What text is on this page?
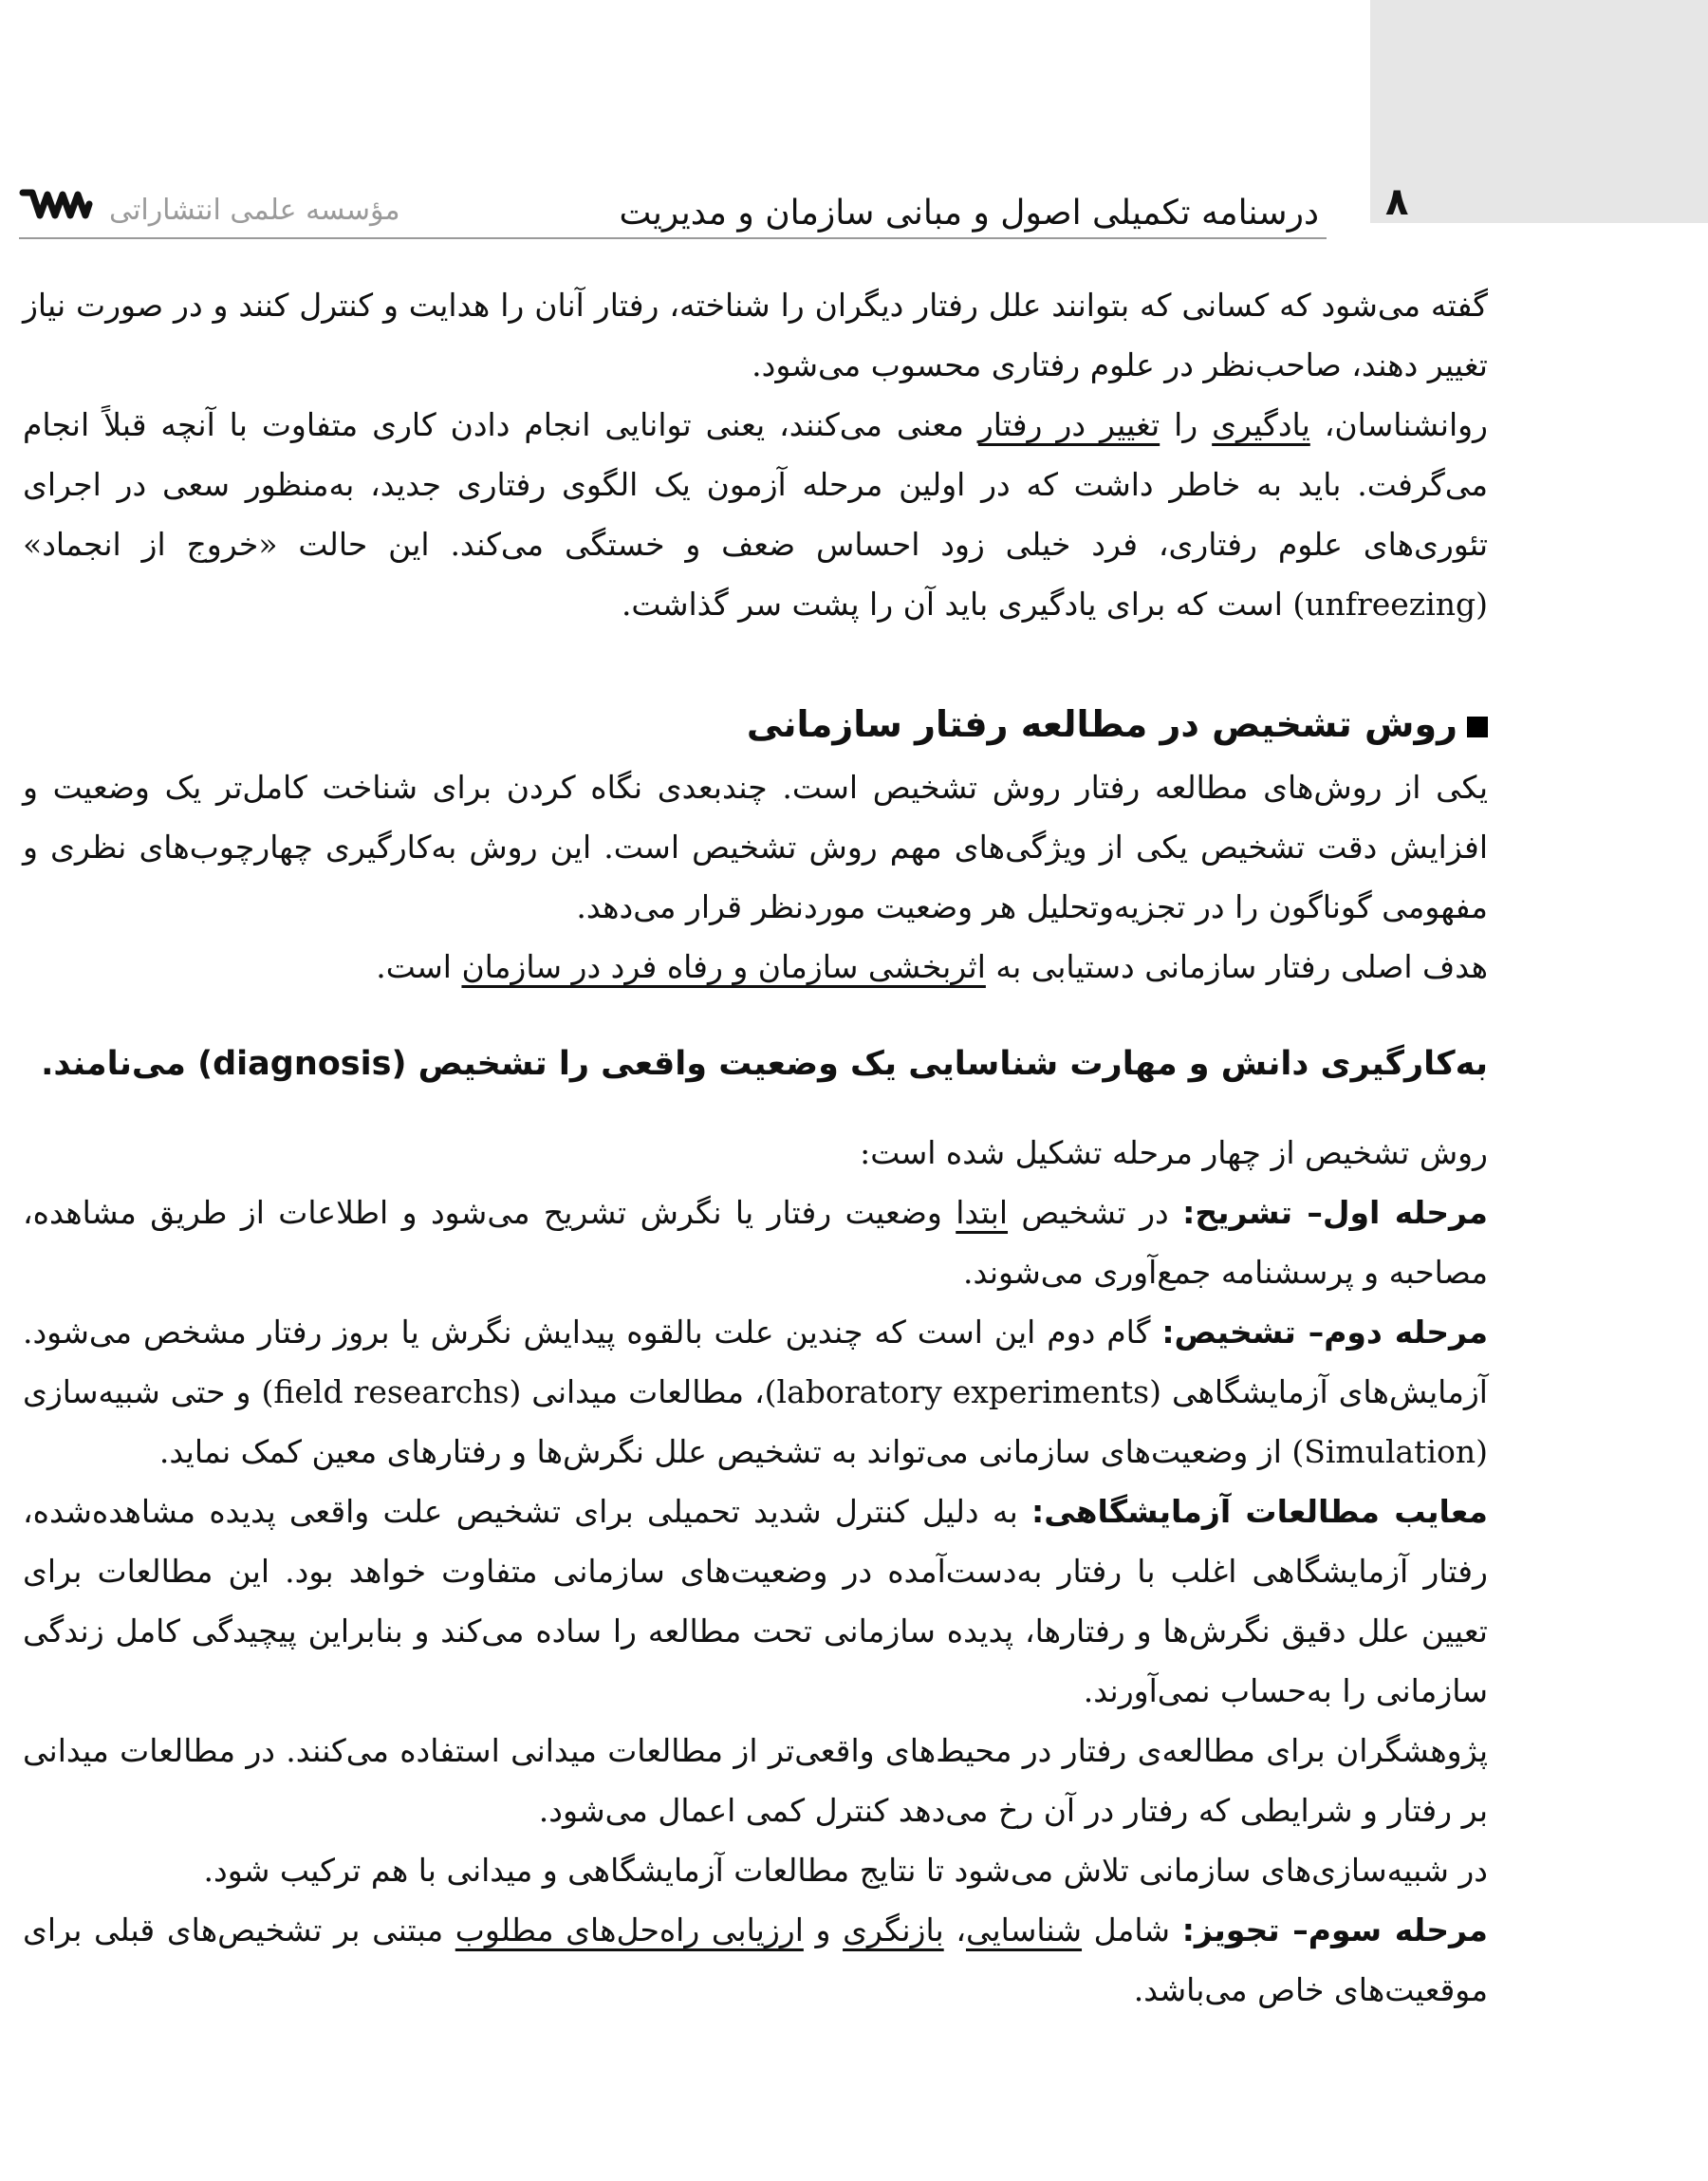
مؤسسه علمی انتشاراتی	درسنامه تکمیلی اصول و مبانی سازمان و مدیریت ۸

گفته می‌شود که کسانی که بتوانند علل رفتار دیگران را شناخته، رفتار آنان را هدایت و کنترل کنند و در صورت نیاز تغییر دهند، صاحب‌نظر در علوم رفتاری محسوب می‌شود.

روانشناسان، یادگیری را تغییر در رفتار معنی می‌کنند، یعنی توانایی انجام دادن کاری متفاوت با آنچه قبلاً انجام می‌گرفت. باید به خاطر داشت که در اولین مرحله آزمون یک الگوی رفتاری جدید، به‌منظور سعی در اجرای تئوری‌های علوم رفتاری، فرد خیلی زود احساس ضعف و خستگی می‌کند. این حالت «خروج از انجماد» (unfreezing) است که برای یادگیری باید آن را پشت سر گذاشت.

روش تشخیص در مطالعه رفتار سازمانی

یکی از روش‌های مطالعه رفتار روش تشخیص است. چندبعدی نگاه کردن برای شناخت کامل‌تر یک وضعیت و افزایش دقت تشخیص یکی از ویژگی‌های مهم روش تشخیص است. این روش به‌کارگیری چهارچوب‌های نظری و مفهومی گوناگون را در تجزیه‌وتحلیل هر وضعیت موردنظر قرار می‌دهد.

هدف اصلی رفتار سازمانی دستیابی به اثربخشی سازمان و رفاه فرد در سازمان است.

به‌کارگیری دانش و مهارت شناسایی یک وضعیت واقعی را تشخیص (diagnosis) می‌نامند.

روش تشخیص از چهار مرحله تشکیل شده است:

مرحله اول– تشریح: در تشخیص ابتدا وضعیت رفتار یا نگرش تشریح می‌شود و اطلاعات از طریق مشاهده، مصاحبه و پرسشنامه جمع‌آوری می‌شوند.

مرحله دوم– تشخیص: گام دوم این است که چندین علت بالقوه پیدایش نگرش یا بروز رفتار مشخص می‌شود. آزمایش‌های آزمایشگاهی (laboratory experiments)، مطالعات میدانی (field researchs) و حتی شبیه‌سازی (Simulation) از وضعیت‌های سازمانی می‌تواند به تشخیص علل نگرش‌ها و رفتارهای معین کمک نماید.

معایب مطالعات آزمایشگاهی: به دلیل کنترل شدید تحمیلی برای تشخیص علت واقعی پدیده مشاهده‌شده، رفتار آزمایشگاهی اغلب با رفتار به‌دست‌آمده در وضعیت‌های سازمانی متفاوت خواهد بود. این مطالعات برای تعیین علل دقیق نگرش‌ها و رفتارها، پدیده سازمانی تحت مطالعه را ساده می‌کند و بنابراین پیچیدگی کامل زندگی سازمانی را به‌حساب نمی‌آورند.

پژوهشگران برای مطالعه‌ی رفتار در محیط‌های واقعی‌تر از مطالعات میدانی استفاده می‌کنند. در مطالعات میدانی بر رفتار و شرایطی که رفتار در آن رخ می‌دهد کنترل کمی اعمال می‌شود.

در شبیه‌سازی‌های سازمانی تلاش می‌شود تا نتایج مطالعات آزمایشگاهی و میدانی با هم ترکیب شود.

مرحله سوم– تجویز: شامل شناسایی، بازنگری و ارزیابی راه‌حل‌های مطلوب مبتنی بر تشخیص‌های قبلی برای موقعیت‌های خاص می‌باشد.
